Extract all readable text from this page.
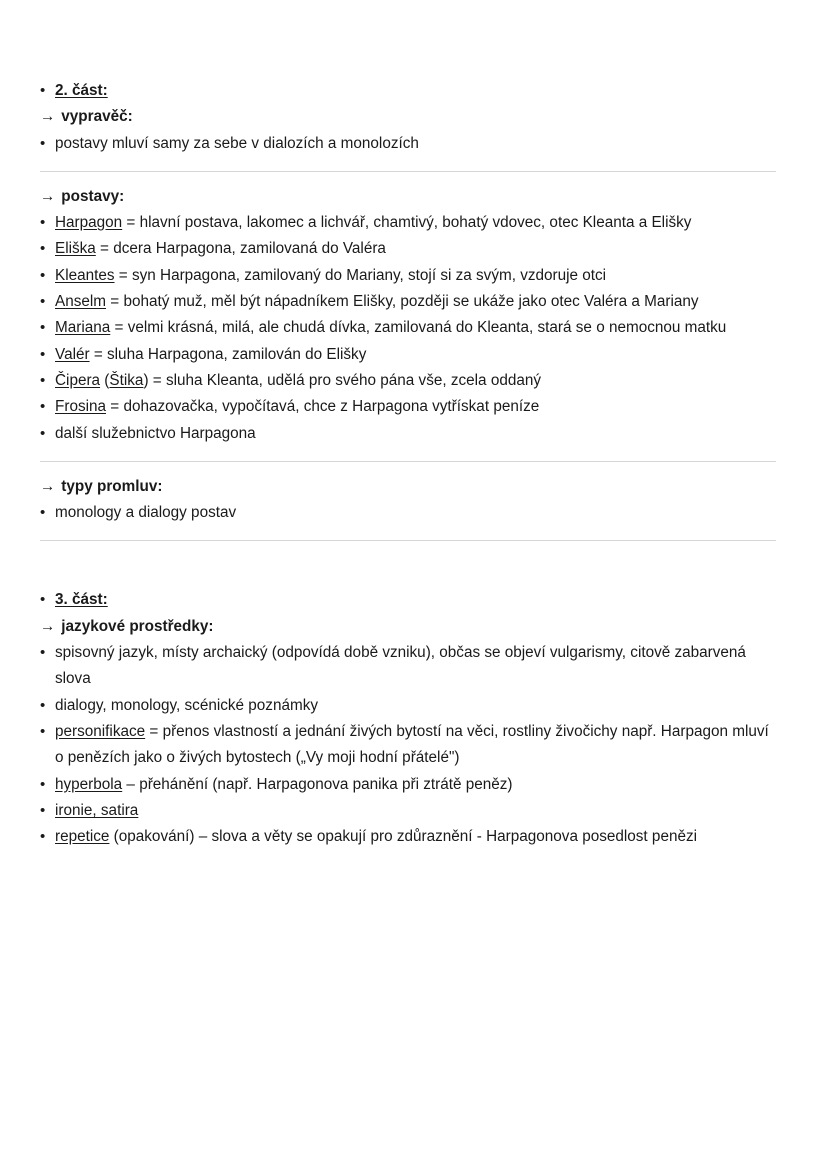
• 2. část:
→ vypravěč:
• postavy mluví samy za sebe v dialozích a monolozích
→ postavy:
• Harpagon = hlavní postava, lakomec a lichvář, chamtivý, bohatý vdovec, otec Kleanta a Elišky
• Eliška = dcera Harpagona, zamilovaná do Valéra
• Kleantes = syn Harpagona, zamilovaný do Mariany, stojí si za svým, vzdoruje otci
• Anselm = bohatý muž, měl být nápadníkem Elišky, později se ukáže jako otec Valéra a Mariany
• Mariana = velmi krásná, milá, ale chudá dívka, zamilovaná do Kleanta, stará se o nemocnou matku
• Valér = sluha Harpagona, zamilován do Elišky
• Čipera (Štika) = sluha Kleanta, udělá pro svého pána vše, zcela oddaný
• Frosina = dohazovačka, vypočítavá, chce z Harpagona vytřískat peníze
• další služebnictvo Harpagona
→ typy promluv:
• monology a dialogy postav
• 3. část:
→ jazykové prostředky:
• spisovný jazyk, místy archaický (odpovídá době vzniku), občas se objeví vulgarismy, citově zabarvená slova
• dialogy, monology, scénické poznámky
• personifikace = přenos vlastností a jednání živých bytostí na věci, rostliny živočichy např. Harpagon mluví o penězích jako o živých bytostech („Vy moji hodní přátelé")
• hyperbola – přehánění (např. Harpagonova panika při ztrátě peněz)
• ironie, satira
• repetice (opakování) – slova a věty se opakují pro zdůraznění - Harpagonova posedlost penězi
